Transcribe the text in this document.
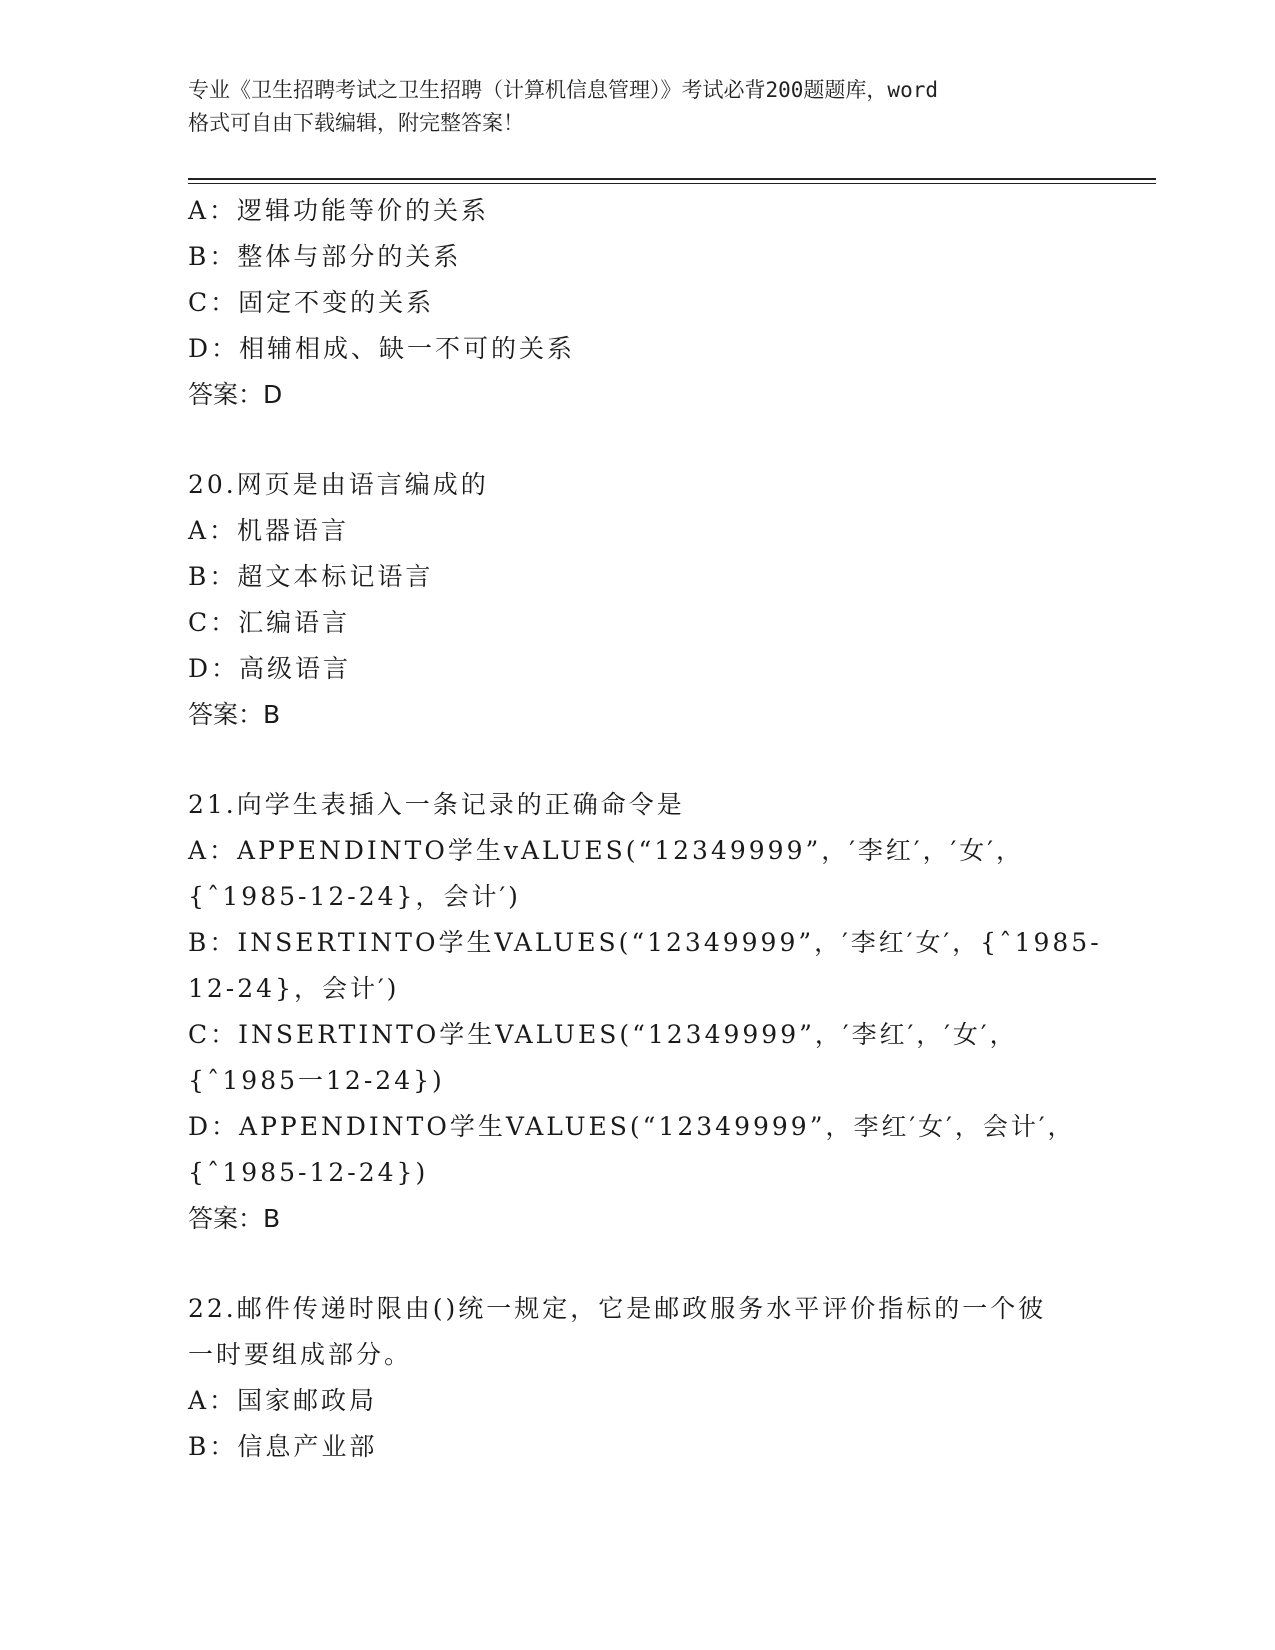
专业《卫生招聘考试之卫生招聘（计算机信息管理）》考试必背200题题库，word
格式可自由下载编辑，附完整答案！
A：逻辑功能等价的关系
B：整体与部分的关系
C：固定不变的关系
D：相辅相成、缺一不可的关系
答案：D
20.网页是由语言编成的
A：机器语言
B：超文本标记语言
C：汇编语言
D：高级语言
答案：B
21.向学生表插入一条记录的正确命令是
A：APPENDINTO学生vALUES(“12349999”，′李红′，′女′，
{ˆ1985-12-24}，会计′)
B：INSERTINTO学生VALUES(“12349999”，′李红′女′，{ˆ1985-
12-24}，会计′)
C：INSERTINTO学生VALUES(“12349999”，′李红′，′女′，
{ˆ1985一12-24})
D：APPENDINTO学生VALUES(“12349999”，李红′女′，会计′，
{ˆ1985-12-24})
答案：B
22.邮件传递时限由()统一规定，它是邮政服务水平评价指标的一个彼
一时要组成部分。
A：国家邮政局
B：信息产业部
